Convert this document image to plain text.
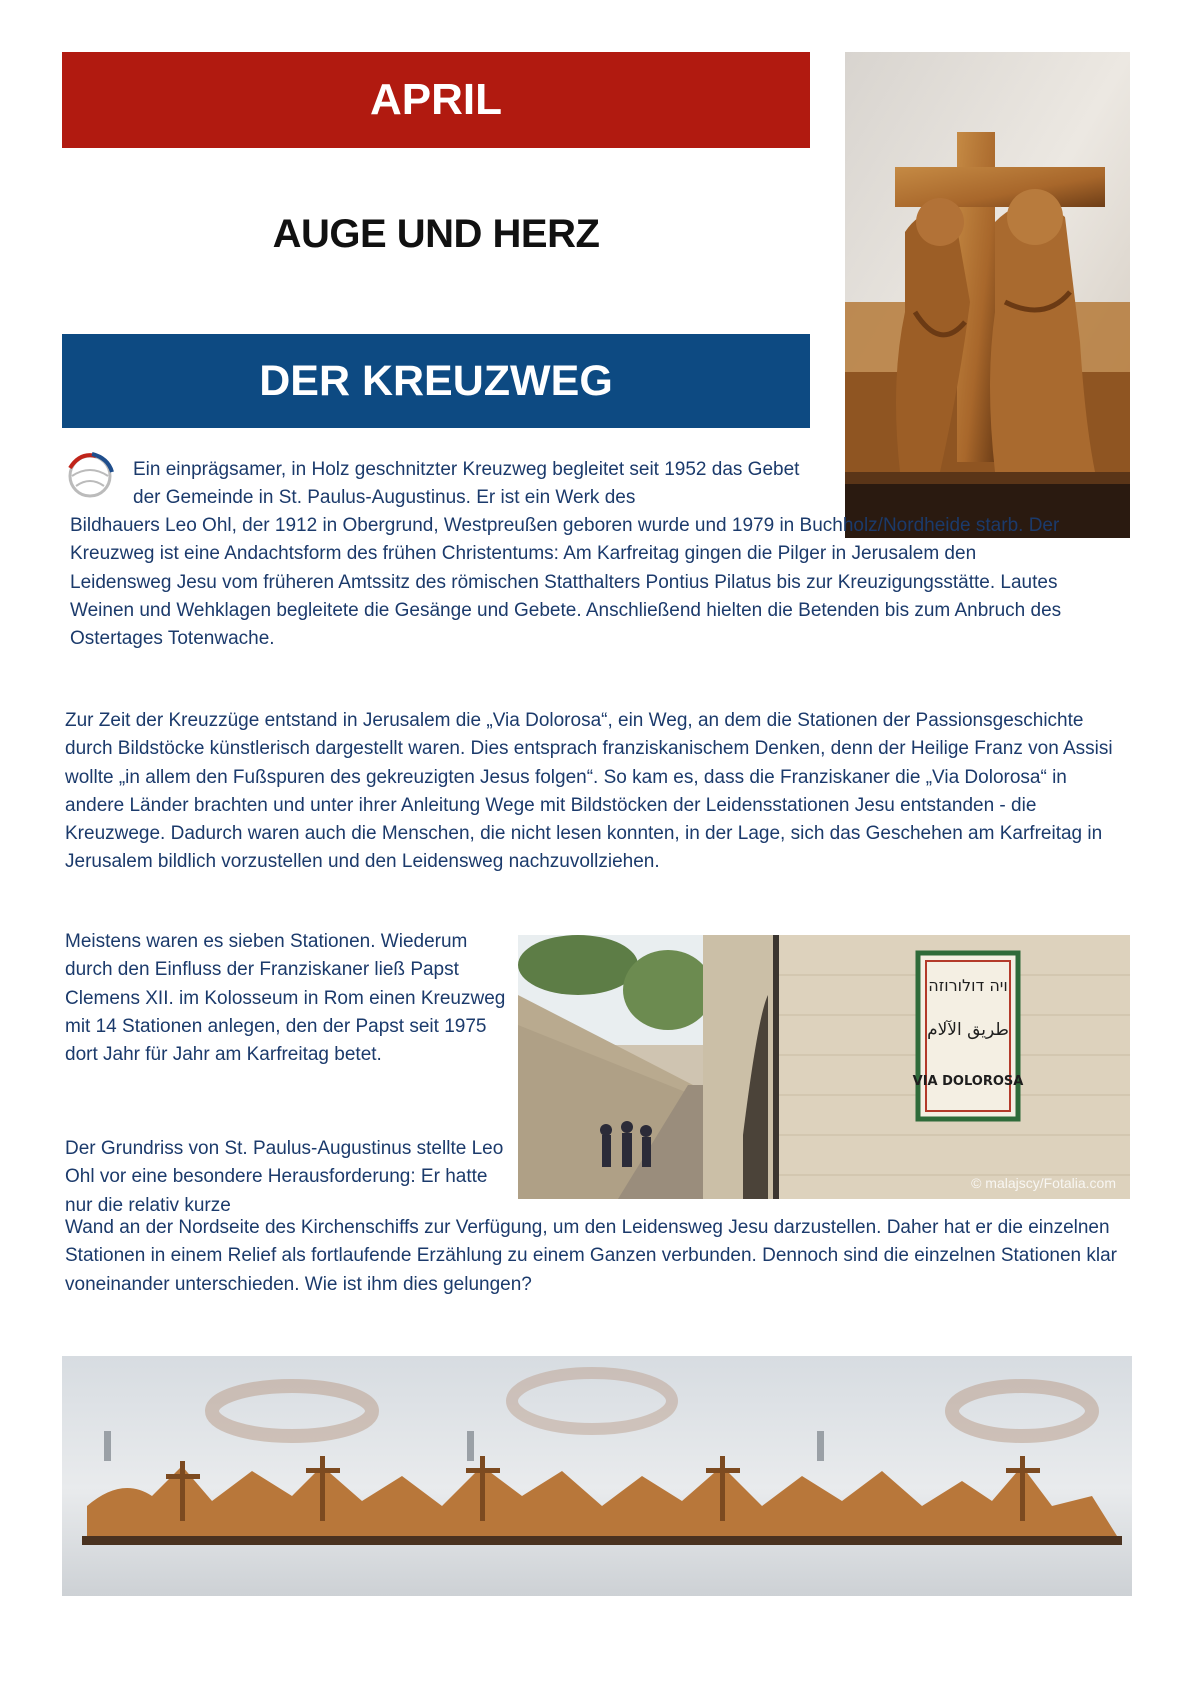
APRIL
AUGE UND HERZ
DER KREUZWEG
Ein einprägsamer, in Holz geschnitzter Kreuzweg begleitet seit 1952 das Gebet der Gemeinde in St. Paulus-Augustinus. Er ist ein Werk des
Bildhauers Leo Ohl, der 1912 in Obergrund, Westpreußen geboren wurde und 1979 in Buchholz/Nordheide starb. Der Kreuzweg ist eine Andachtsform des frühen Christentums: Am Karfreitag gingen die Pilger in Jerusalem den Leidensweg Jesu vom früheren Amtssitz des römischen Statthalters Pontius Pilatus bis zur Kreuzigungsstätte. Lautes Weinen und Wehklagen begleitete die Gesänge und Gebete. Anschließend hielten die Betenden bis zum Anbruch des Ostertages Totenwache.
Zur Zeit der Kreuzzüge entstand in Jerusalem die „Via Dolorosa“, ein Weg, an dem die Stationen der Passionsgeschichte durch Bildstöcke künstlerisch dargestellt waren. Dies entsprach franziskanischem Denken, denn der Heilige Franz von Assisi wollte „in allem den Fußspuren des gekreuzigten Jesus folgen“. So kam es, dass die Franziskaner die „Via Dolorosa“ in andere Länder brachten und unter ihrer Anleitung Wege mit Bildstöcken der Leidensstationen Jesu entstanden - die Kreuzwege. Dadurch waren auch die Menschen, die nicht lesen konnten, in der Lage, sich das Geschehen am Karfreitag in Jerusalem bildlich vorzustellen und den Leidensweg nachzuvollziehen.
Meistens waren es sieben Stationen. Wiederum durch den Einfluss der Franziskaner ließ Papst Clemens XII. im Kolosseum in Rom einen Kreuzweg mit 14 Stationen anlegen, den der Papst seit 1975 dort Jahr für Jahr am Karfreitag betet.
Der Grundriss von St. Paulus-Augustinus stellte Leo Ohl vor eine besondere Herausforderung: Er hatte nur die relativ kurze
Wand an der Nordseite des Kirchenschiffs zur Verfügung, um den Leidensweg Jesu darzustellen. Daher hat er die einzelnen Stationen in einem Relief als fortlaufende Erzählung zu einem Ganzen verbunden. Dennoch sind die einzelnen Stationen klar voneinander unterschieden. Wie ist ihm dies gelungen?
ויה דולורוזה
طريق الآلام
VIA DOLOROSA
© malajscy/Fotalia.com
